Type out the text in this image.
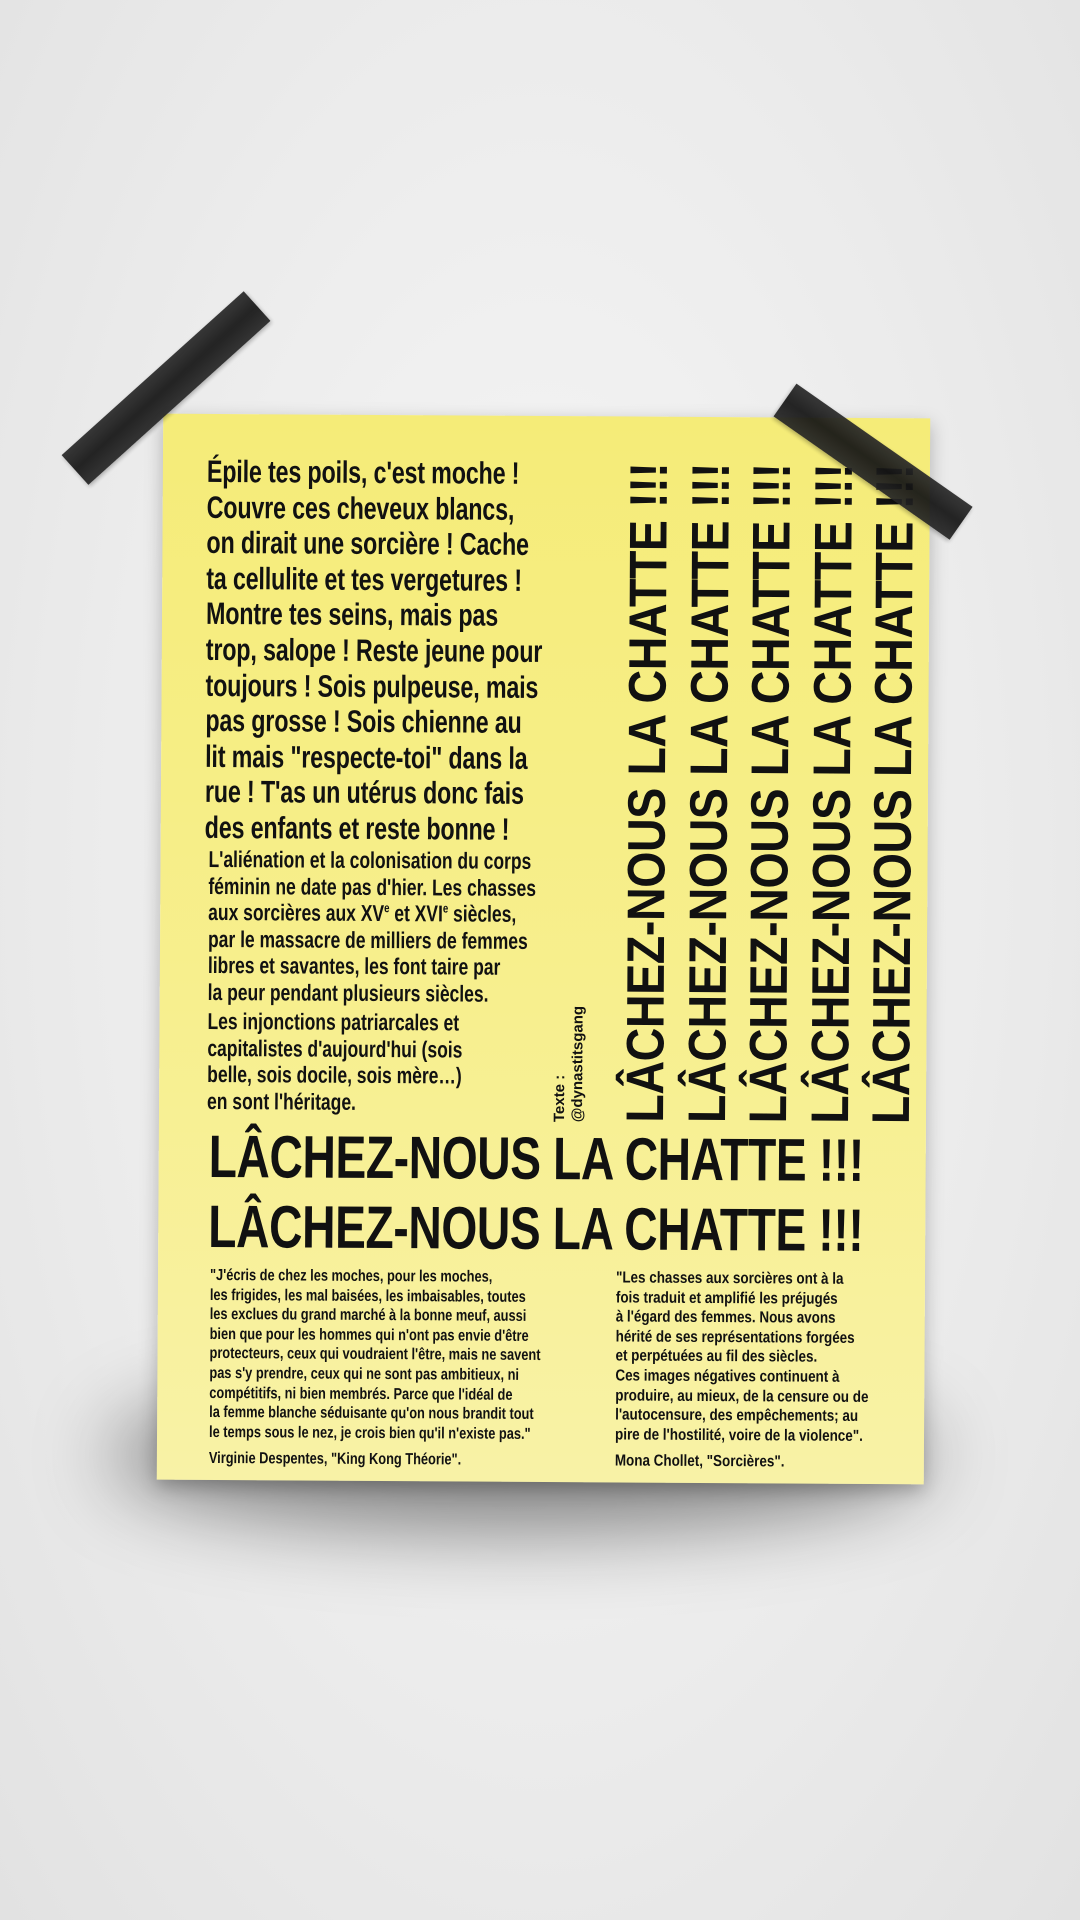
Épile tes poils, c'est moche !
Couvre ces cheveux blancs,
on dirait une sorcière ! Cache
ta cellulite et tes vergetures !
Montre tes seins, mais pas
trop, salope ! Reste jeune pour
toujours ! Sois pulpeuse, mais
pas grosse ! Sois chienne au
lit mais "respecte-toi" dans la
rue ! T'as un utérus donc fais
des enfants et reste bonne !

L'aliénation et la colonisation du corps

féminin ne date pas d'hier. Les chasses

aux sorcières aux XVe et XVIe siècles,

par le massacre de milliers de femmes

libres et savantes, les font taire par

la peur pendant plusieurs siècles.

Les injonctions patriarcales et

capitalistes d'aujourd'hui (sois

belle, sois docile, sois mère…)

en sont l'héritage.	Texte : @dynastitsgang LÂCHEZ-NOUS LA CHATTE !!!
LÂCHEZ-NOUS LA CHATTE !!!
LÂCHEZ-NOUS LA CHATTE !!!
LÂCHEZ-NOUS LA CHATTE !!!
LÂCHEZ-NOUS LA CHATTE !!!
LÂCHEZ-NOUS LA CHATTE !!!
LÂCHEZ-NOUS LA CHATTE !!!
"J'écris de chez les moches, pour les moches,
les frigides, les mal baisées, les imbaisables, toutes
les exclues du grand marché à la bonne meuf, aussi
bien que pour les hommes qui n'ont pas envie d'être
protecteurs, ceux qui voudraient l'être, mais ne savent
pas s'y prendre, ceux qui ne sont pas ambitieux, ni
compétitifs, ni bien membrés. Parce que l'idéal de
la femme blanche séduisante qu'on nous brandit tout
le temps sous le nez, je crois bien qu'il n'existe pas."
Virginie Despentes, "King Kong Théorie".
"Les chasses aux sorcières ont à la
fois traduit et amplifié les préjugés
à l'égard des femmes. Nous avons
hérité de ses représentations forgées
et perpétuées au fil des siècles.
Ces images négatives continuent à
produire, au mieux, de la censure ou de
l'autocensure, des empêchements; au
pire de l'hostilité, voire de la violence".
Mona Chollet, "Sorcières".
